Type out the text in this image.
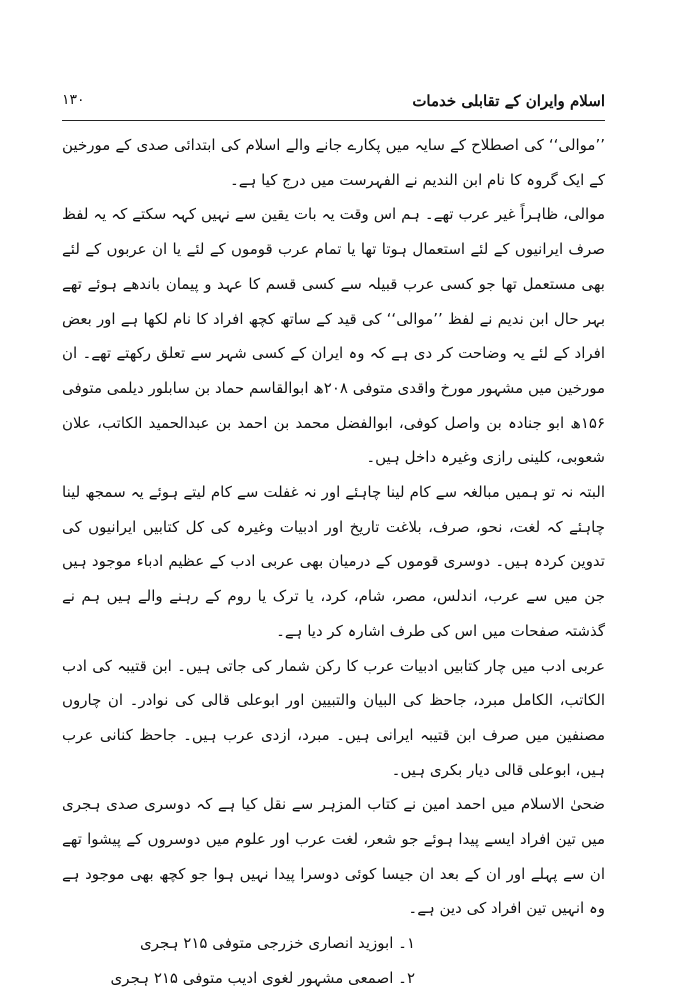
اسلام وایران کے تقابلی خدمات
۱۳۰

’’موالی‘‘ کی اصطلاح کے سایہ میں پکارے جانے والے اسلام کی ابتدائی صدی کے مورخین کے ایک گروہ کا نام ابن الندیم نے الفہرست میں درج کیا ہے۔

موالی، ظاہراً غیر عرب تھے۔ ہم اس وقت یہ بات یقین سے نہیں کہہ سکتے کہ یہ لفظ صرف ایرانیوں کے لئے استعمال ہوتا تھا یا تمام عرب قوموں کے لئے یا ان عربوں کے لئے بھی مستعمل تھا جو کسی عرب قبیلہ سے کسی قسم کا عہد و پیمان باندھے ہوئے تھے بہر حال ابن ندیم نے لفظ ’’موالی‘‘ کی قید کے ساتھ کچھ افراد کا نام لکھا ہے اور بعض افراد کے لئے یہ وضاحت کر دی ہے کہ وہ ایران کے کسی شہر سے تعلق رکھتے تھے۔ ان مورخین میں مشہور مورخ واقدی متوفی ۲۰۸ھ ابوالقاسم حماد بن سابلور دیلمی متوفی ۱۵۶ھ ابو جنادہ بن واصل کوفی، ابوالفضل محمد بن احمد بن عبدالحمید الکاتب، علان شعوبی، کلینی رازی وغیرہ داخل ہیں۔

البتہ نہ تو ہمیں مبالغہ سے کام لینا چاہئے اور نہ غفلت سے کام لیتے ہوئے یہ سمجھ لینا چاہئے کہ لغت، نحو، صرف، بلاغت تاریخ اور ادبیات وغیرہ کی کل کتابیں ایرانیوں کی تدوین کردہ ہیں۔ دوسری قوموں کے درمیان بھی عربی ادب کے عظیم ادباء موجود ہیں جن میں سے عرب، اندلس، مصر، شام، کرد، یا ترک یا روم کے رہنے والے ہیں ہم نے گذشتہ صفحات میں اس کی طرف اشارہ کر دیا ہے۔

عربی ادب میں چار کتابیں ادبیات عرب کا رکن شمار کی جاتی ہیں۔ ابن قتیبہ کی ادب الکاتب، الکامل مبرد، جاحظ کی البیان والتبیین اور ابوعلی قالی کی نوادر۔ ان چاروں مصنفین میں صرف ابن قتیبہ ایرانی ہیں۔ مبرد، ازدی عرب ہیں۔ جاحظ کنانی عرب ہیں، ابوعلی قالی دیار بکری ہیں۔

ضحیٰ الاسلام میں احمد امین نے کتاب المزہر سے نقل کیا ہے کہ دوسری صدی ہجری میں تین افراد ایسے پیدا ہوئے جو شعر، لغت عرب اور علوم میں دوسروں کے پیشوا تھے ان سے پہلے اور ان کے بعد ان جیسا کوئی دوسرا پیدا نہیں ہوا جو کچھ بھی موجود ہے وہ انہیں تین افراد کی دین ہے۔

۱۔ ابوزید انصاری خزرجی متوفی ۲۱۵ ہجری

۲۔ اصمعی مشہور لغوی ادیب متوفی ۲۱۵ ہجری
